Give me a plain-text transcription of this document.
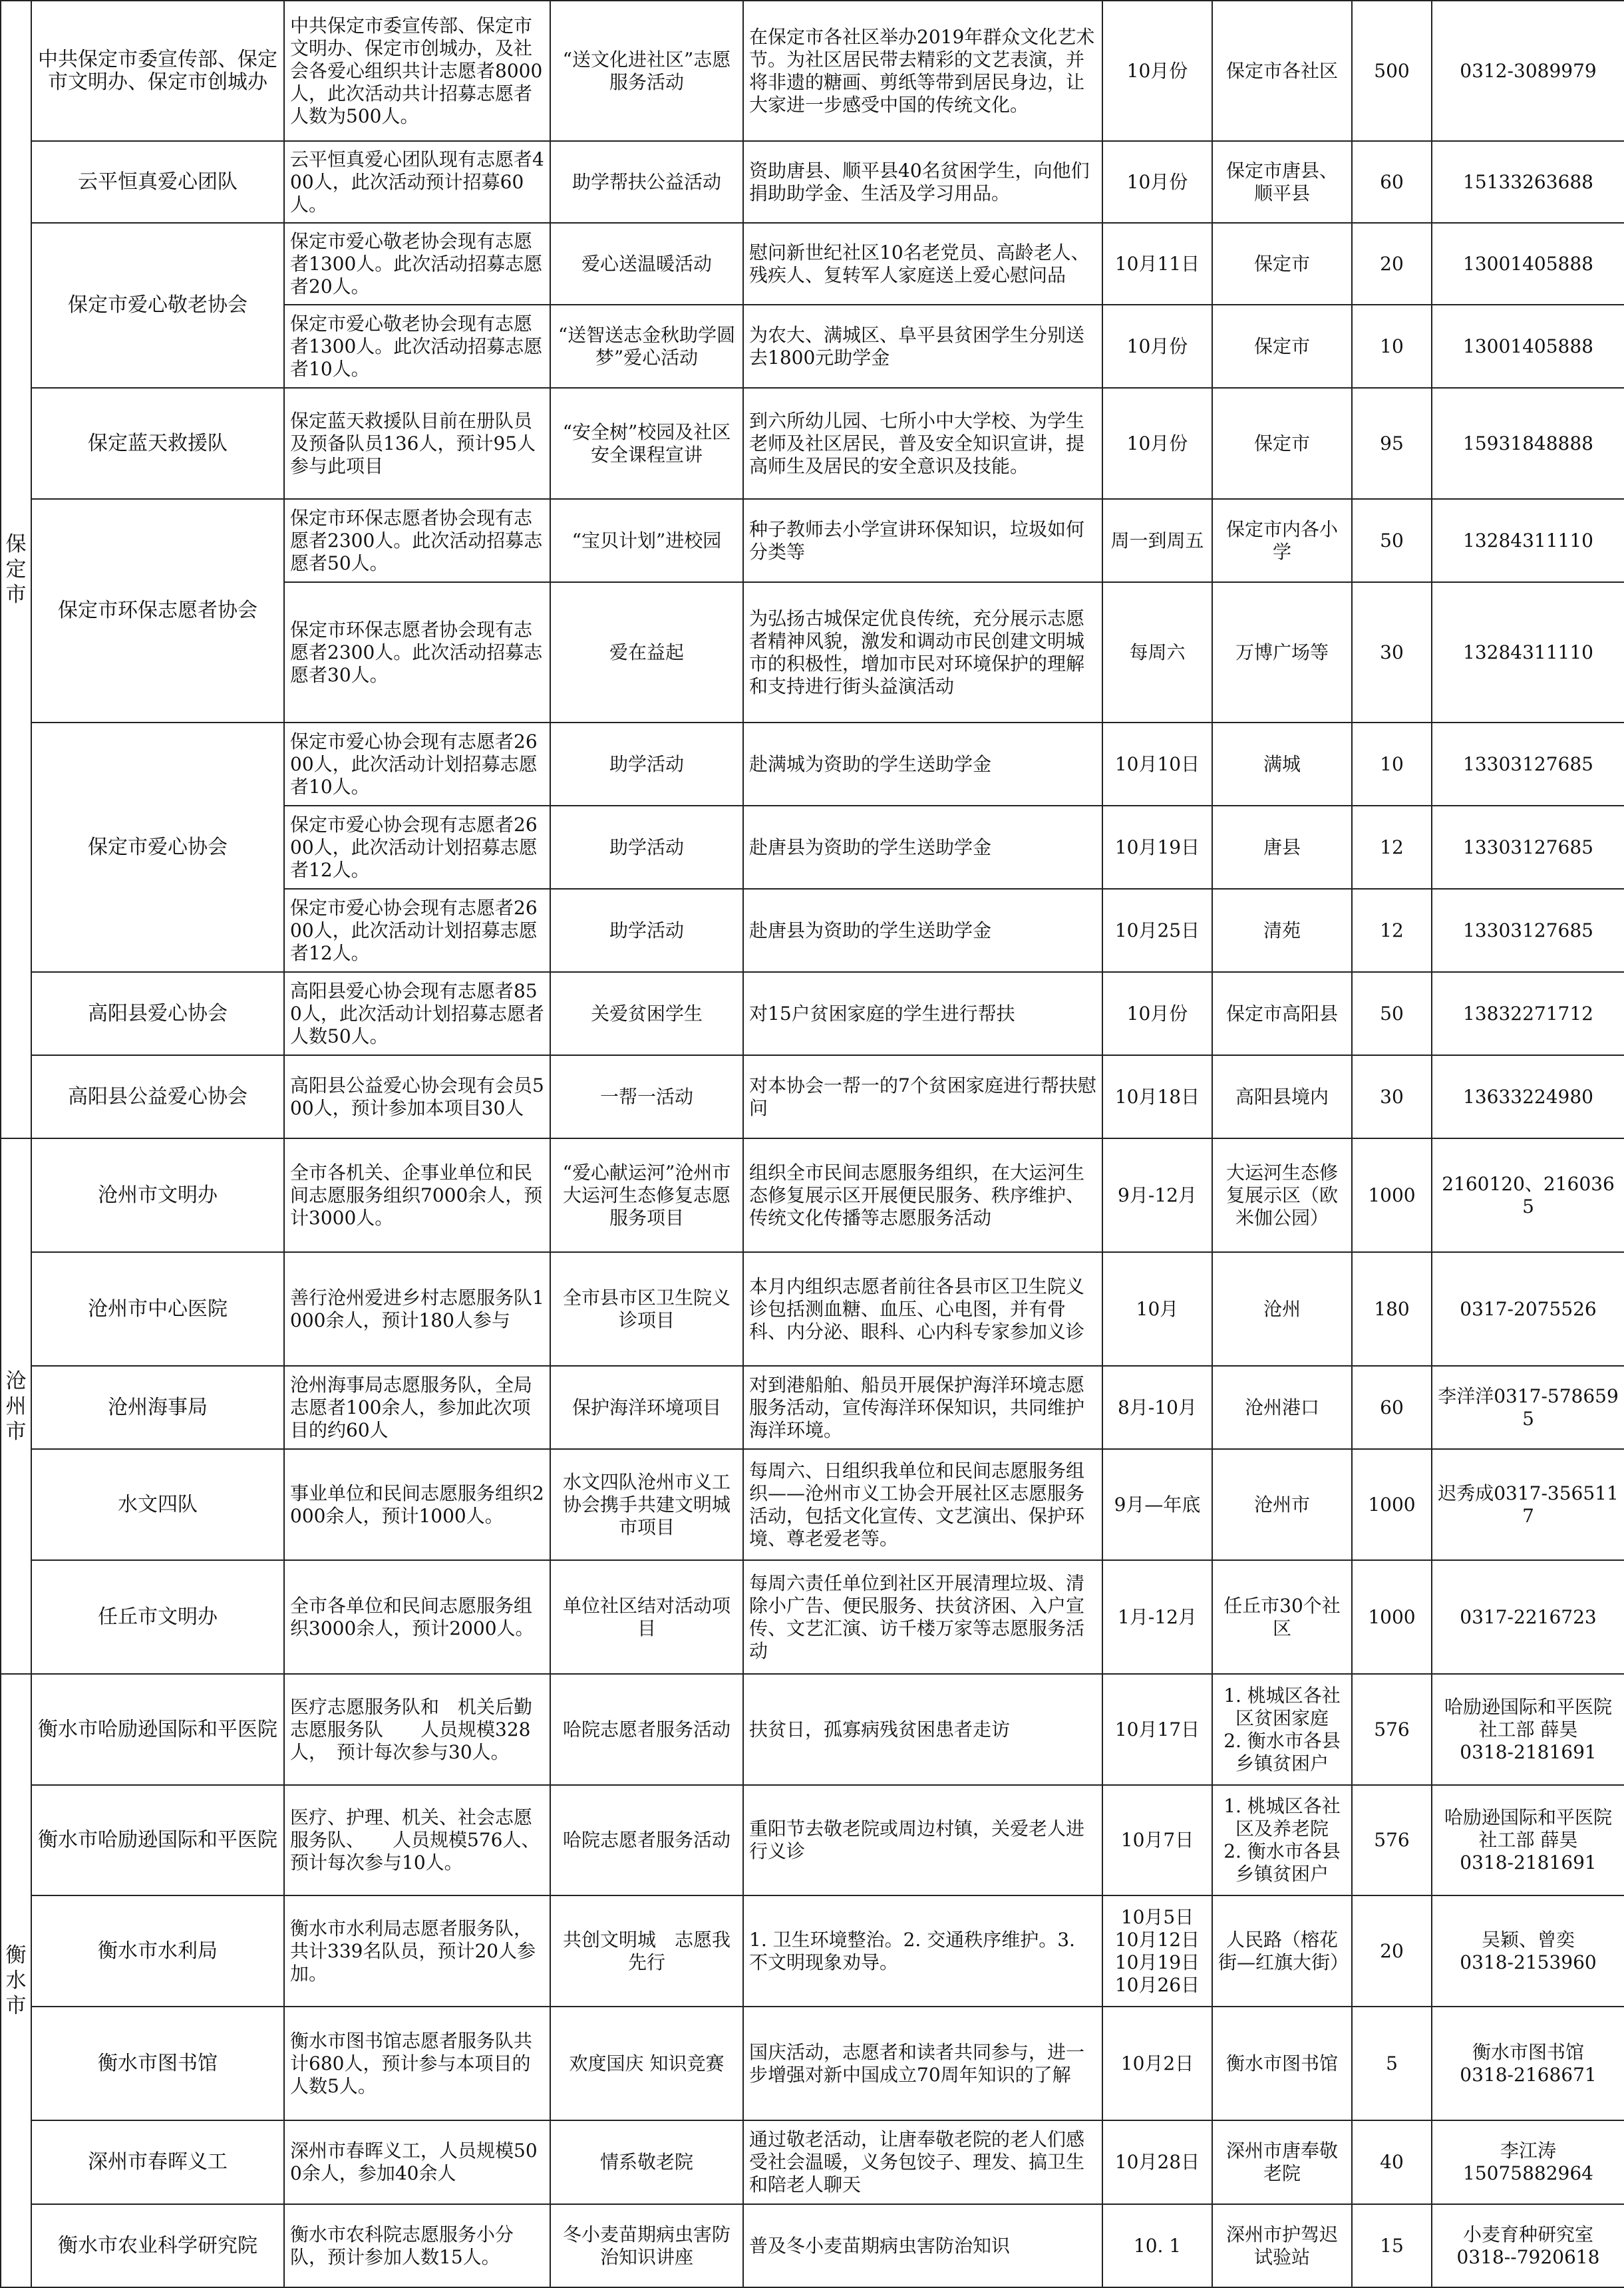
保
定
市	中共保定市委宣传部、保定市文明办、保定市创城办	中共保定市委宣传部、保定市文明办、保定市创城办，及社会各爱心组织共计志愿者8000人，此次活动共计招募志愿者人数为500人。	“送文化进社区”志愿服务活动	在保定市各社区举办2019年群众文化艺术节。为社区居民带去精彩的文艺表演，并将非遗的糖画、剪纸等带到居民身边，让大家进一步感受中国的传统文化。	10月份	保定市各社区	500	0312-3089979
	云平恒真爱心团队	云平恒真爱心团队现有志愿者400人，此次活动预计招募60人。	助学帮扶公益活动	资助唐县、顺平县40名贫困学生，向他们捐助助学金、生活及学习用品。	10月份	保定市唐县、顺平县	60	15133263688
	保定市爱心敬老协会	保定市爱心敬老协会现有志愿者1300人。此次活动招募志愿者20人。	爱心送温暖活动	慰问新世纪社区10名老党员、高龄老人、残疾人、复转军人家庭送上爱心慰问品	10月11日	保定市	20	13001405888
		保定市爱心敬老协会现有志愿者1300人。此次活动招募志愿者10人。	“送智送志金秋助学圆梦”爱心活动	为农大、满城区、阜平县贫困学生分别送去1800元助学金	10月份	保定市	10	13001405888
	保定蓝天救援队	保定蓝天救援队目前在册队员及预备队员136人，预计95人参与此项目	“安全树”校园及社区安全课程宣讲	到六所幼儿园、七所小中大学校、为学生老师及社区居民，普及安全知识宣讲，提高师生及居民的安全意识及技能。	10月份	保定市	95	15931848888
	保定市环保志愿者协会	保定市环保志愿者协会现有志愿者2300人。此次活动招募志愿者50人。	“宝贝计划”进校园	种子教师去小学宣讲环保知识，垃圾如何分类等	周一到周五	保定市内各小学	50	13284311110
		保定市环保志愿者协会现有志愿者2300人。此次活动招募志愿者30人。	爱在益起	为弘扬古城保定优良传统，充分展示志愿者精神风貌，激发和调动市民创建文明城市的积极性，增加市民对环境保护的理解和支持进行街头益演活动	每周六	万博广场等	30	13284311110
	保定市爱心协会	保定市爱心协会现有志愿者2600人，此次活动计划招募志愿者10人。	助学活动	赴满城为资助的学生送助学金	10月10日	满城	10	13303127685
		保定市爱心协会现有志愿者2600人，此次活动计划招募志愿者12人。	助学活动	赴唐县为资助的学生送助学金	10月19日	唐县	12	13303127685
		保定市爱心协会现有志愿者2600人，此次活动计划招募志愿者12人。	助学活动	赴唐县为资助的学生送助学金	10月25日	清苑	12	13303127685
	高阳县爱心协会	高阳县爱心协会现有志愿者850人，此次活动计划招募志愿者人数50人。	关爱贫困学生	对15户贫困家庭的学生进行帮扶	10月份	保定市高阳县	50	13832271712
	高阳县公益爱心协会	高阳县公益爱心协会现有会员500人，预计参加本项目30人	一帮一活动	对本协会一帮一的7个贫困家庭进行帮扶慰问	10月18日	高阳县境内	30	13633224980
沧
州
市	沧州市文明办	全市各机关、企事业单位和民间志愿服务组织7000余人，预计3000人。	“爱心献运河”沧州市大运河生态修复志愿服务项目	组织全市民间志愿服务组织，在大运河生态修复展示区开展便民服务、秩序维护、传统文化传播等志愿服务活动	9月-12月	大运河生态修复展示区（欧米伽公园）	1000	2160120、2160365
	沧州市中心医院	善行沧州爱进乡村志愿服务队1000余人，预计180人参与	全市县市区卫生院义诊项目	本月内组织志愿者前往各县市区卫生院义诊包括测血糖、血压、心电图，并有骨科、内分泌、眼科、心内科专家参加义诊	10月	沧州	180	0317-2075526
	沧州海事局	沧州海事局志愿服务队，全局志愿者100余人，参加此次项目的约60人	保护海洋环境项目	对到港船舶、船员开展保护海洋环境志愿服务活动，宣传海洋环保知识，共同维护海洋环境。	8月-10月	沧州港口	60	李洋洋0317-5786595
	水文四队	事业单位和民间志愿服务组织2000余人，预计1000人。	水文四队沧州市义工协会携手共建文明城市项目	每周六、日组织我单位和民间志愿服务组织——沧州市义工协会开展社区志愿服务活动，包括文化宣传、文艺演出、保护环境、尊老爱老等。	9月—年底	沧州市	1000	迟秀成0317-3565117
	任丘市文明办	全市各单位和民间志愿服务组织3000余人，预计2000人。	单位社区结对活动项目	每周六责任单位到社区开展清理垃圾、清除小广告、便民服务、扶贫济困、入户宣传、文艺汇演、访千楼万家等志愿服务活动	1月-12月	任丘市30个社区	1000	0317-2216723
衡
水
市	衡水市哈励逊国际和平医院	医疗志愿服务队和　机关后勤志愿服务队　　人员规模328人，　预计每次参与30人。	哈院志愿者服务活动	扶贫日，孤寡病残贫困患者走访	10月17日	1. 桃城区各社区贫困家庭
2. 衡水市各县乡镇贫困户	576	哈励逊国际和平医院
社工部 薛昊
0318-2181691
	衡水市哈励逊国际和平医院	医疗、护理、机关、社会志愿服务队、　　人员规模576人、　预计每次参与10人。	哈院志愿者服务活动	重阳节去敬老院或周边村镇，关爱老人进行义诊	10月7日	1. 桃城区各社区及养老院
2. 衡水市各县乡镇贫困户	576	哈励逊国际和平医院
社工部 薛昊
0318-2181691
	衡水市水利局	衡水市水利局志愿者服务队，共计339名队员，预计20人参加。	共创文明城　志愿我先行	1. 卫生环境整治。2. 交通秩序维护。3. 不文明现象劝导。	10月5日
10月12日
10月19日
10月26日	人民路（榕花街—红旗大街）	20	吴颖、曾奕
0318-2153960
	衡水市图书馆	衡水市图书馆志愿者服务队共计680人，预计参与本项目的人数5人。	欢度国庆 知识竞赛	国庆活动，志愿者和读者共同参与，进一步增强对新中国成立70周年知识的了解	10月2日	衡水市图书馆	5	衡水市图书馆
0318-2168671
	深州市春晖义工	深州市春晖义工，人员规模500余人，参加40余人	情系敬老院	通过敬老活动，让唐奉敬老院的老人们感受社会温暖，义务包饺子、理发、搞卫生和陪老人聊天	10月28日	深州市唐奉敬老院	40	李江涛
15075882964
	衡水市农业科学研究院	衡水市农科院志愿服务小分队，预计参加人数15人。	冬小麦苗期病虫害防治知识讲座	普及冬小麦苗期病虫害防治知识	10. 1	深州市护驾迟试验站	15	小麦育种研究室
0318--7920618
